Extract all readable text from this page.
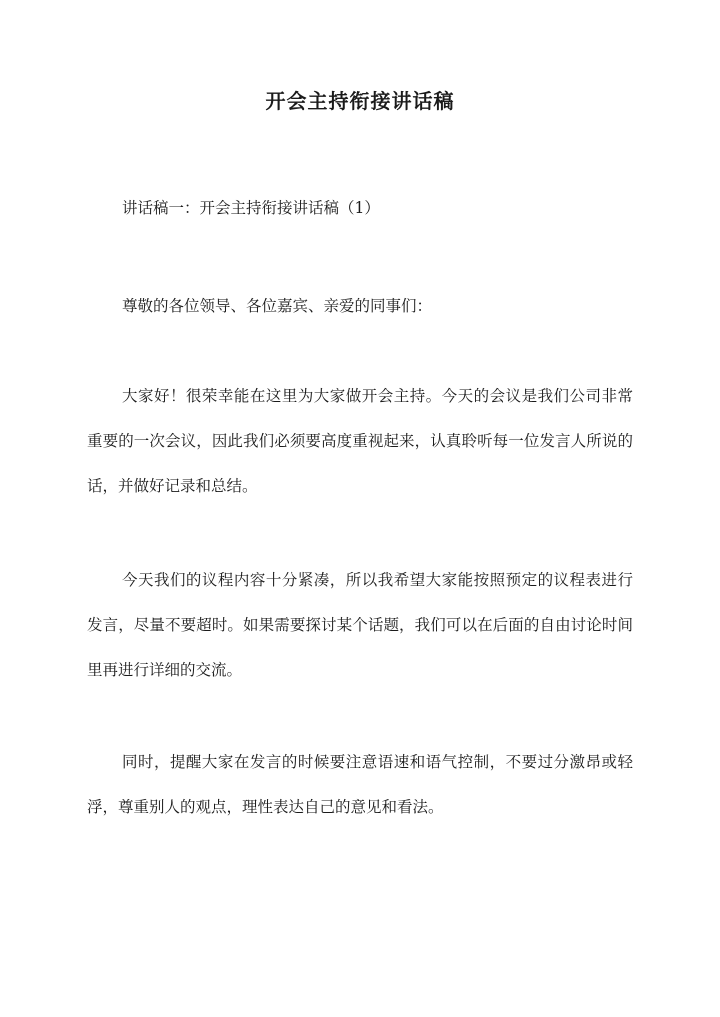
开会主持衔接讲话稿

讲话稿一：开会主持衔接讲话稿（1）

尊敬的各位领导、各位嘉宾、亲爱的同事们：

大家好！很荣幸能在这里为大家做开会主持。今天的会议是我们公司非常重要的一次会议，因此我们必须要高度重视起来，认真聆听每一位发言人所说的话，并做好记录和总结。

今天我们的议程内容十分紧凑，所以我希望大家能按照预定的议程表进行发言，尽量不要超时。如果需要探讨某个话题，我们可以在后面的自由讨论时间里再进行详细的交流。

同时，提醒大家在发言的时候要注意语速和语气控制，不要过分激昂或轻浮，尊重别人的观点，理性表达自己的意见和看法。
